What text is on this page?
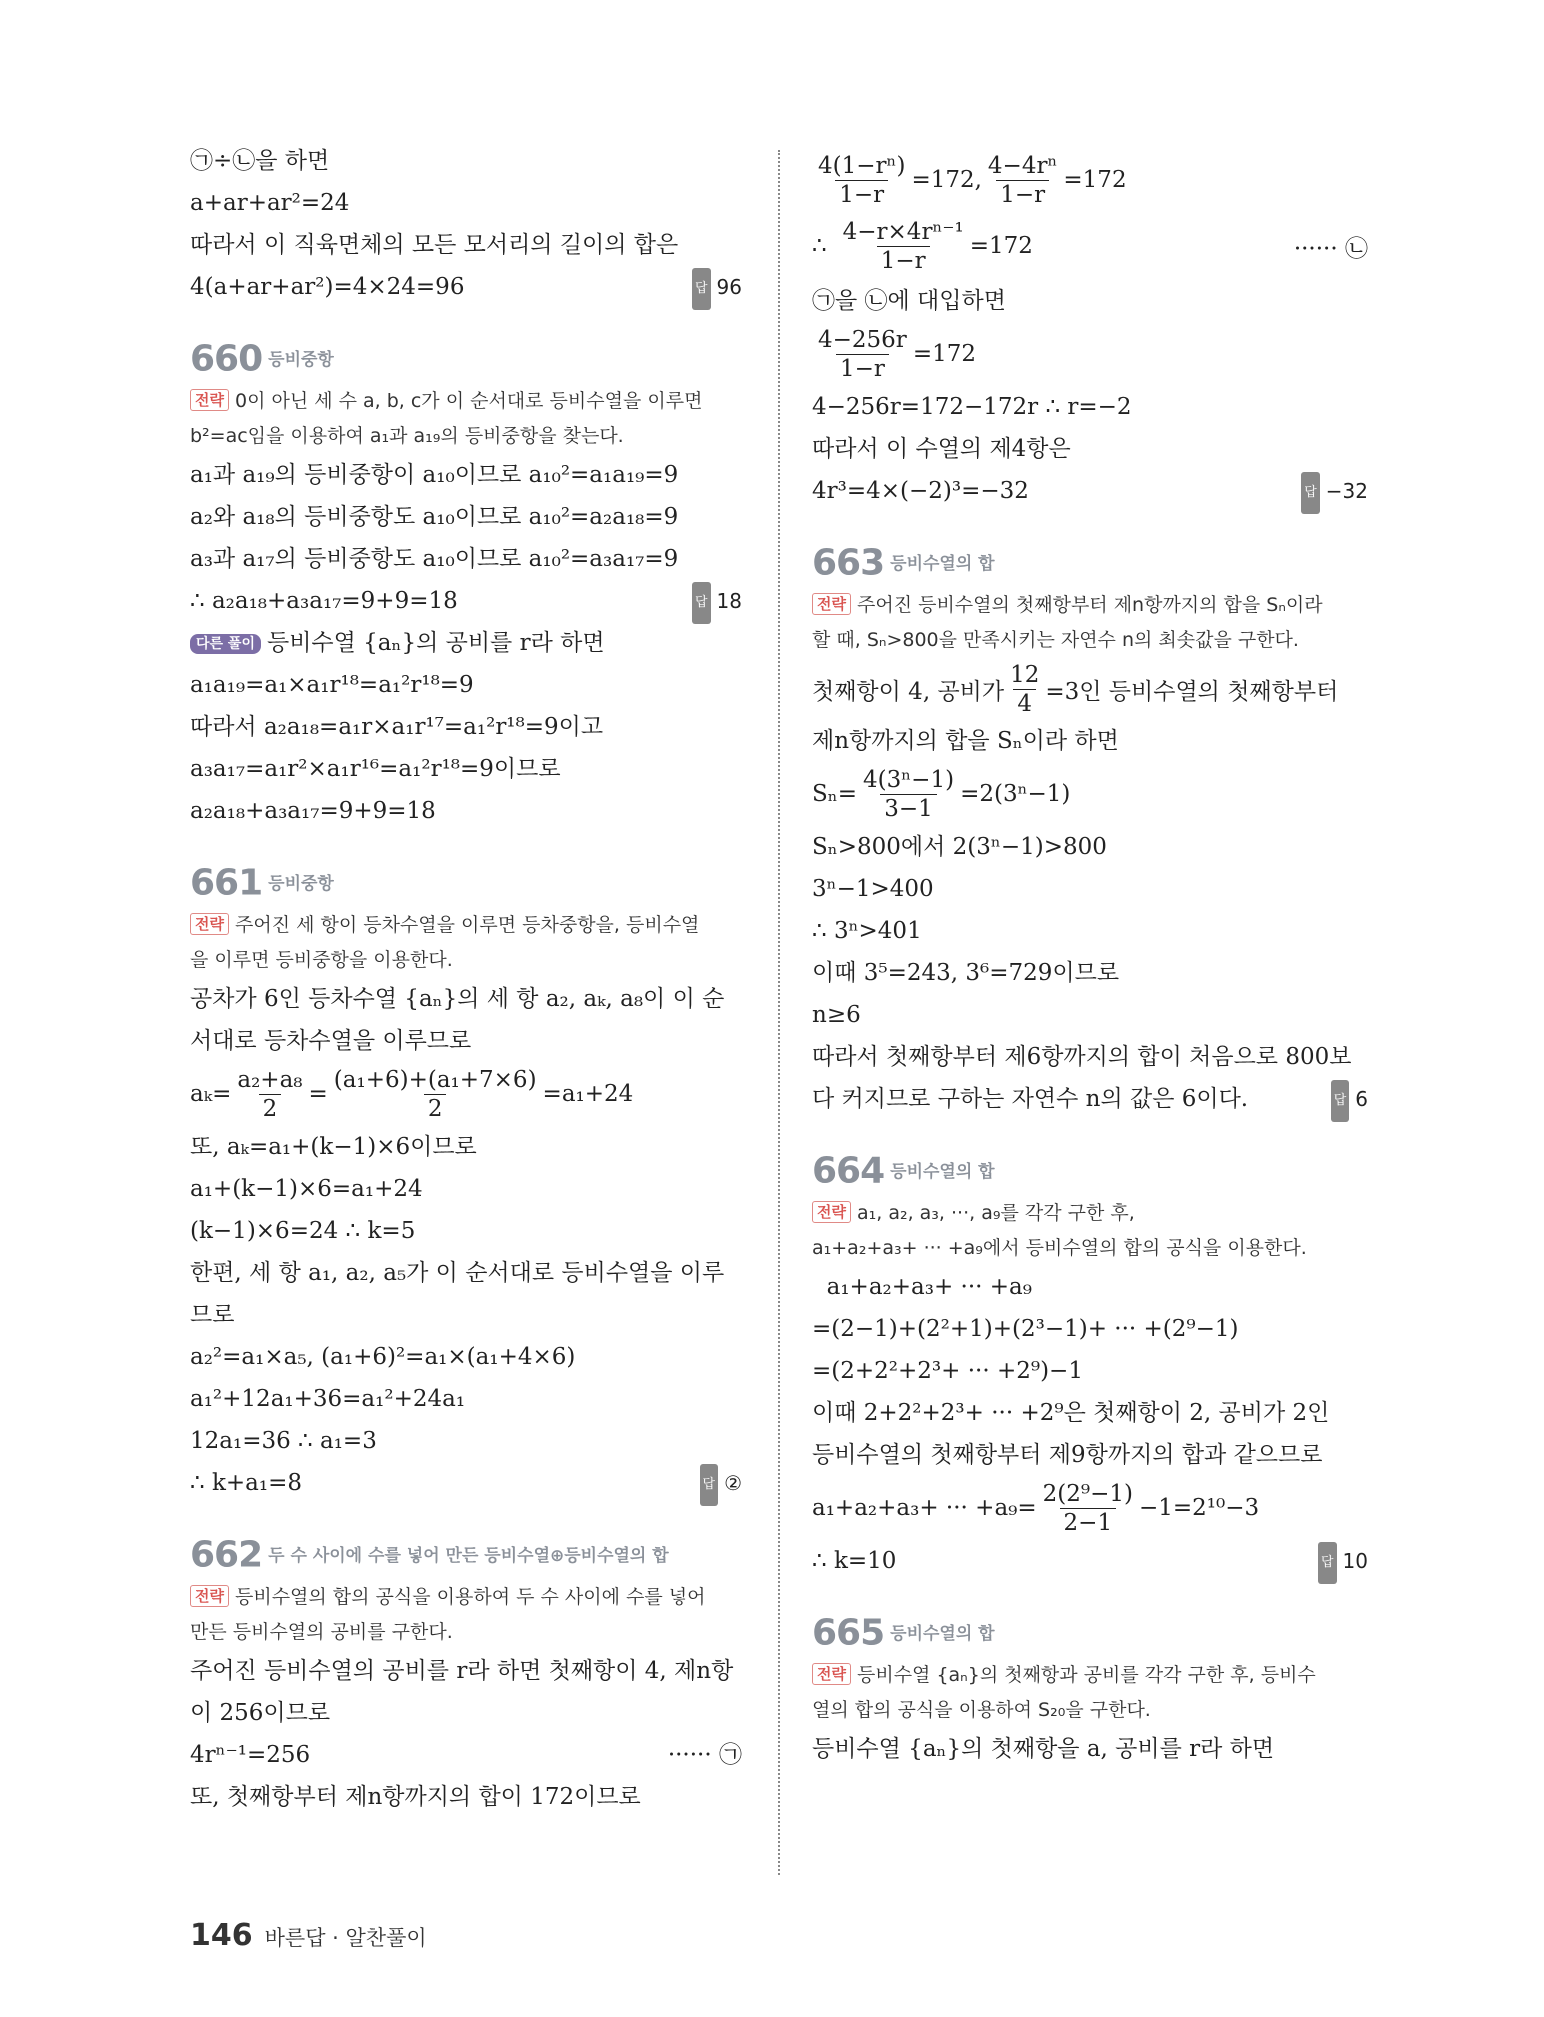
㉠÷㉡을 하면
a+ar+ar²=24
따라서 이 직육면체의 모든 모서리의 길이의 합은
4(a+ar+ar²)=4×24=96	답 96
660 등비중항
전략 0이 아닌 세 수 a, b, c가 이 순서대로 등비수열을 이루면
b²=ac임을 이용하여 a₁과 a₁₉의 등비중항을 찾는다.
a₁과 a₁₉의 등비중항이 a₁₀이므로 a₁₀²=a₁a₁₉=9
a₂와 a₁₈의 등비중항도 a₁₀이므로 a₁₀²=a₂a₁₈=9
a₃과 a₁₇의 등비중항도 a₁₀이므로 a₁₀²=a₃a₁₇=9
∴ a₂a₁₈+a₃a₁₇=9+9=18	답 18
다른 풀이 등비수열 {aₙ}의 공비를 r라 하면
a₁a₁₉=a₁×a₁r¹⁸=a₁²r¹⁸=9
따라서 a₂a₁₈=a₁r×a₁r¹⁷=a₁²r¹⁸=9이고
a₃a₁₇=a₁r²×a₁r¹⁶=a₁²r¹⁸=9이므로
a₂a₁₈+a₃a₁₇=9+9=18
661 등비중항
전략 주어진 세 항이 등차수열을 이루면 등차중항을, 등비수열
을 이루면 등비중항을 이용한다.
공차가 6인 등차수열 {aₙ}의 세 항 a₂, aₖ, a₈이 이 순
서대로 등차수열을 이루므로
$a_k= \frac{\text{a₂+a₈}}{2} = \frac{\text{(a₁+6)+(a₁+7×6)}}{2} =a_1+24$
또, aₖ=a₁+(k−1)×6이므로
a₁+(k−1)×6=a₁+24
(k−1)×6=24 ∴ k=5
한편, 세 항 a₁, a₂, a₅가 이 순서대로 등비수열을 이루
므로
a₂²=a₁×a₅, (a₁+6)²=a₁×(a₁+4×6)
a₁²+12a₁+36=a₁²+24a₁
12a₁=36 ∴ a₁=3
∴ k+a₁=8	답 ②
662 두 수 사이에 수를 넣어 만든 등비수열⊕등비수열의 합
전략 등비수열의 합의 공식을 이용하여 두 수 사이에 수를 넣어
만든 등비수열의 공비를 구한다.
주어진 등비수열의 공비를 r라 하면 첫째항이 4, 제n항
이 256이므로
4rⁿ⁻¹=256	······ ㉠
또, 첫째항부터 제n항까지의 합이 172이므로
$\frac{\text{4(1−rⁿ)}}{1-r} =172$, $\frac{\text{4−4rⁿ}}{1-r} =172$
∴ $\frac{\text{4−r×4rⁿ⁻¹}}{1-r} =172$	······ ㉡
㉠을 ㉡에 대입하면
$\frac{4-256r}{1-r} =172$
4−256r=172−172r ∴ r=−2
따라서 이 수열의 제4항은
4r³=4×(−2)³=−32	답 −32
663 등비수열의 합
전략 주어진 등비수열의 첫째항부터 제n항까지의 합을 Sₙ이라
할 때, Sₙ>800을 만족시키는 자연수 n의 최솟값을 구한다.
첫째항이 4, 공비가 $\frac{12}{4} =3$인 등비수열의 첫째항부터
제n항까지의 합을 Sₙ이라 하면
$S_n= \frac{\text{4(3ⁿ−1)}}{3-1} =2(3^n-1)$
Sₙ>800에서 2(3ⁿ−1)>800
3ⁿ−1>400
∴ 3ⁿ>401
이때 3⁵=243, 3⁶=729이므로
n≥6
따라서 첫째항부터 제6항까지의 합이 처음으로 800보
다 커지므로 구하는 자연수 n의 값은 6이다.	답 6
664 등비수열의 합
전략 a₁, a₂, a₃, ···, a₉를 각각 구한 후,
a₁+a₂+a₃+ ··· +a₉에서 등비수열의 합의 공식을 이용한다.
a₁+a₂+a₃+ ··· +a₉
=(2−1)+(2²+1)+(2³−1)+ ··· +(2⁹−1)
=(2+2²+2³+ ··· +2⁹)−1
이때 2+2²+2³+ ··· +2⁹은 첫째항이 2, 공비가 2인
등비수열의 첫째항부터 제9항까지의 합과 같으므로
a₁+a₂+a₃+ ··· $+a_9= \frac{\text{2(2⁹−1)}}{2-1} -1=2^{10}-3$
∴ k=10	답 10
665 등비수열의 합
전략 등비수열 {aₙ}의 첫째항과 공비를 각각 구한 후, 등비수
열의 합의 공식을 이용하여 S₂₀을 구한다.
등비수열 {aₙ}의 첫째항을 a, 공비를 r라 하면
146 바른답 · 알찬풀이
